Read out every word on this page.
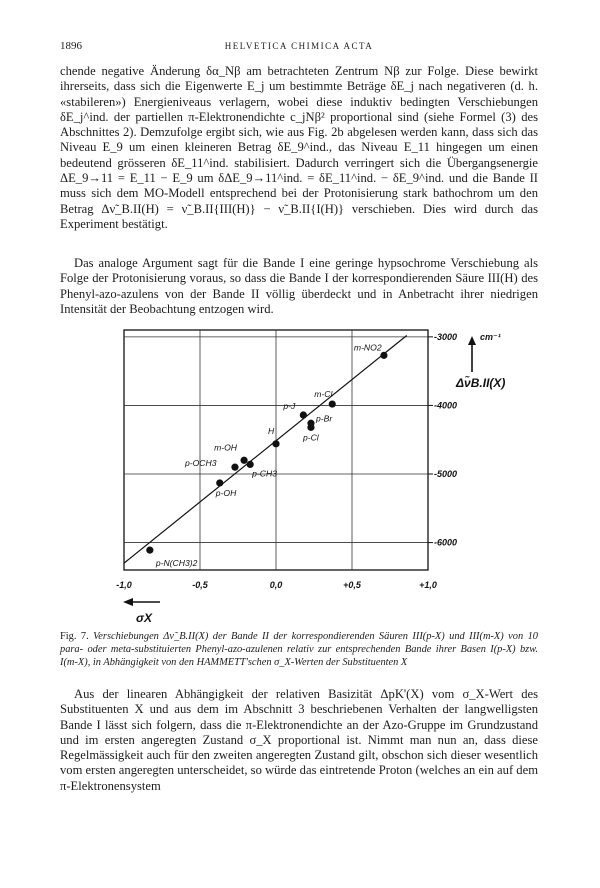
1896	HELVETICA CHIMICA ACTA

chende negative Änderung δα_Nβ am betrachteten Zentrum Nβ zur Folge. Diese bewirkt ihrerseits, dass sich die Eigenwerte E_j um bestimmte Beträge δE_j nach negativeren (d. h. «stabileren») Energieniveaus verlagern, wobei diese induktiv bedingten Verschiebungen δE_j^ind. der partiellen π-Elektronendichte c_jNβ² proportional sind (siehe Formel (3) des Abschnittes 2). Demzufolge ergibt sich, wie aus Fig. 2b abgelesen werden kann, dass sich das Niveau E_9 um einen kleineren Betrag δE_9^ind., das Niveau E_11 hingegen um einen bedeutend grösseren δE_11^ind. stabilisiert. Dadurch verringert sich die Übergangsenergie ΔE_9→11 = E_11 − E_9 um δΔE_9→11^ind. = δE_11^ind. − δE_9^ind. und die Bande II muss sich dem MO-Modell entsprechend bei der Protonisierung stark bathochrom um den Betrag Δν̃_B.II(H) = ν̃_B.II{III(H)} − ν̃_B.II{I(H)} verschieben. Dies wird durch das Experiment bestätigt.

Das analoge Argument sagt für die Bande I eine geringe hypsochrome Verschiebung als Folge der Protonisierung voraus, so dass die Bande I der korrespondierenden Säure III(H) des Phenyl-azo-azulens von der Bande II völlig überdeckt und in Anbetracht ihrer niedrigen Intensität der Beobachtung entzogen wird.

-1,0	-0,5	0,0	+0,5	+1,0
-3000
-4000
-5000
-6000
cm⁻¹
Δν̃B.II(X)
σX
p-N(CH3)2
p-OH
p-OCH3
m-OH
p-CH3
H
p-Cl
p-Br
p-J
m-Cl
m-NO2

Fig. 7. Verschiebungen Δν̃_B.II(X) der Bande II der korrespondierenden Säuren III(p-X) und III(m-X) von 10 para- oder meta-substituierten Phenyl-azo-azulenen relativ zur entsprechenden Bande ihrer Basen I(p-X) bzw. I(m-X), in Abhängigkeit von den HAMMETT'schen σ_X-Werten der Substituenten X

Aus der linearen Abhängigkeit der relativen Basizität ΔpK'(X) vom σ_X-Wert des Substituenten X und aus dem im Abschnitt 3 beschriebenen Verhalten der langwelligsten Bande I lässt sich folgern, dass die π-Elektronendichte an der Azo-Gruppe im Grundzustand und im ersten angeregten Zustand σ_X proportional ist. Nimmt man nun an, dass diese Regelmässigkeit auch für den zweiten angeregten Zustand gilt, obschon sich dieser wesentlich vom ersten angeregten unterscheidet, so würde das eintretende Proton (welches an ein auf dem π-Elektronensystem
